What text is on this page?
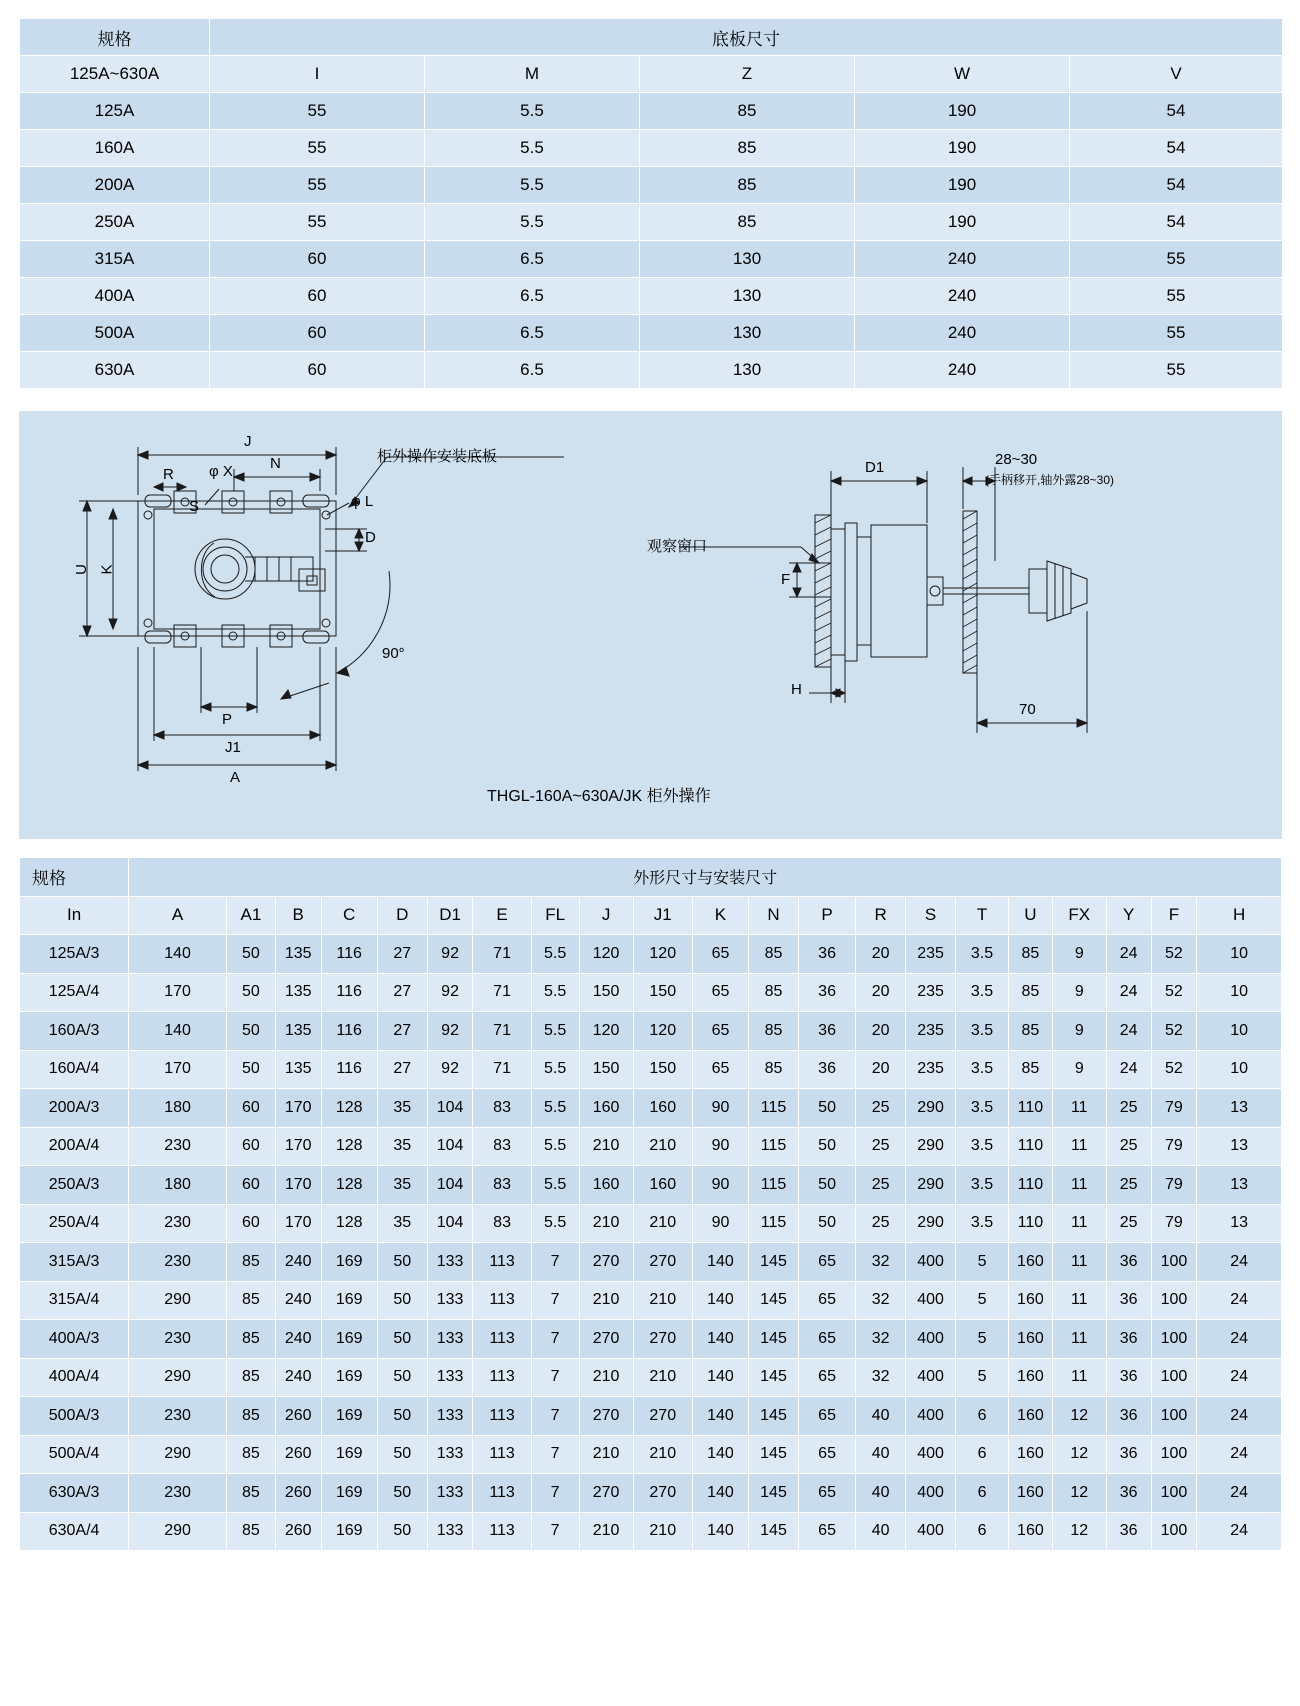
规格	底板尺寸				
125A~630A	I	M	Z	W	V
125A	55	5.5	85	190	54
160A	55	5.5	85	190	54
200A	55	5.5	85	190	54
250A	55	5.5	85	190	54
315A	60	6.5	130	240	55
400A	60	6.5	130	240	55
500A	60	6.5	130	240	55
630A	60	6.5	130	240	55
柜外操作安装底板
J
N
R φ X
S	φ L
D
U K
P
J1
A
90°
观察窗口
D1	28~30
(手柄移开,轴外露28~30)
F
H
70
THGL-160A~630A/JK 柜外操作
规格	外形尺寸与安装尺寸																				
In	A	A1	B	C	D	D1	E	FL	J	J1	K	N	P	R	S	T	U	FX	Y	F	H
125A/3	140	50	135	116	27	92	71	5.5	120	120	65	85	36	20	235	3.5	85	9	24	52	10
125A/4	170	50	135	116	27	92	71	5.5	150	150	65	85	36	20	235	3.5	85	9	24	52	10
160A/3	140	50	135	116	27	92	71	5.5	120	120	65	85	36	20	235	3.5	85	9	24	52	10
160A/4	170	50	135	116	27	92	71	5.5	150	150	65	85	36	20	235	3.5	85	9	24	52	10
200A/3	180	60	170	128	35	104	83	5.5	160	160	90	115	50	25	290	3.5	110	11	25	79	13
200A/4	230	60	170	128	35	104	83	5.5	210	210	90	115	50	25	290	3.5	110	11	25	79	13
250A/3	180	60	170	128	35	104	83	5.5	160	160	90	115	50	25	290	3.5	110	11	25	79	13
250A/4	230	60	170	128	35	104	83	5.5	210	210	90	115	50	25	290	3.5	110	11	25	79	13
315A/3	230	85	240	169	50	133	113	7	270	270	140	145	65	32	400	5	160	11	36	100	24
315A/4	290	85	240	169	50	133	113	7	210	210	140	145	65	32	400	5	160	11	36	100	24
400A/3	230	85	240	169	50	133	113	7	270	270	140	145	65	32	400	5	160	11	36	100	24
400A/4	290	85	240	169	50	133	113	7	210	210	140	145	65	32	400	5	160	11	36	100	24
500A/3	230	85	260	169	50	133	113	7	270	270	140	145	65	40	400	6	160	12	36	100	24
500A/4	290	85	260	169	50	133	113	7	210	210	140	145	65	40	400	6	160	12	36	100	24
630A/3	230	85	260	169	50	133	113	7	270	270	140	145	65	40	400	6	160	12	36	100	24
630A/4	290	85	260	169	50	133	113	7	210	210	140	145	65	40	400	6	160	12	36	100	24
